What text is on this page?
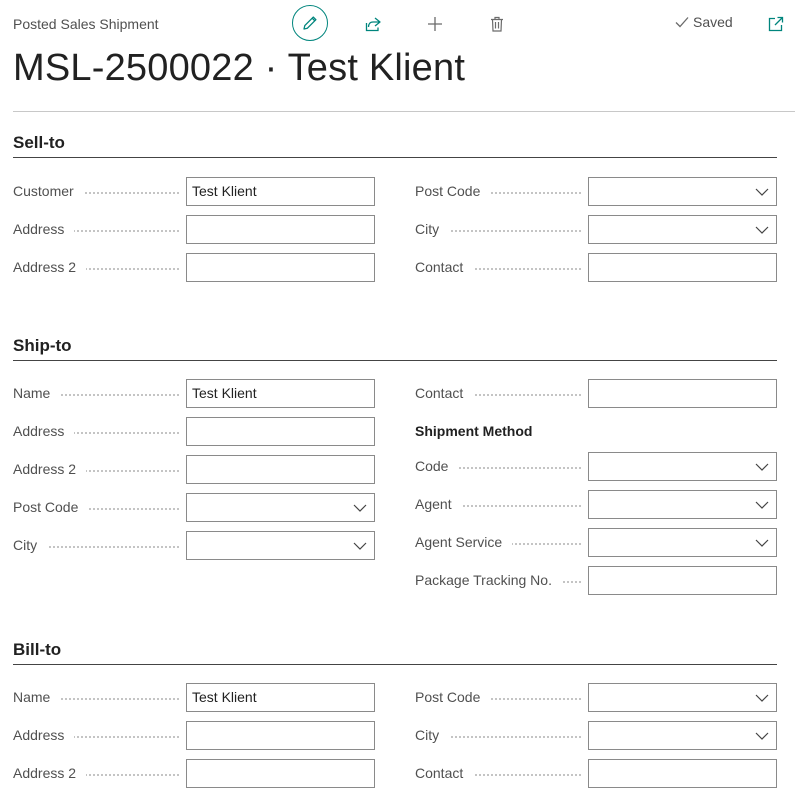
Posted Sales Shipment	Saved
MSL-2500022 · Test Klient
Sell-to
Customer	Test Klient
Address
Address 2
Post Code
City
Contact
Ship-to
Name	Test Klient
Address
Address 2
Post Code
City
Contact
Shipment Method
Code
Agent
Agent Service
Package Tracking No.
Bill-to
Name	Test Klient
Address
Address 2
Post Code
City
Contact
